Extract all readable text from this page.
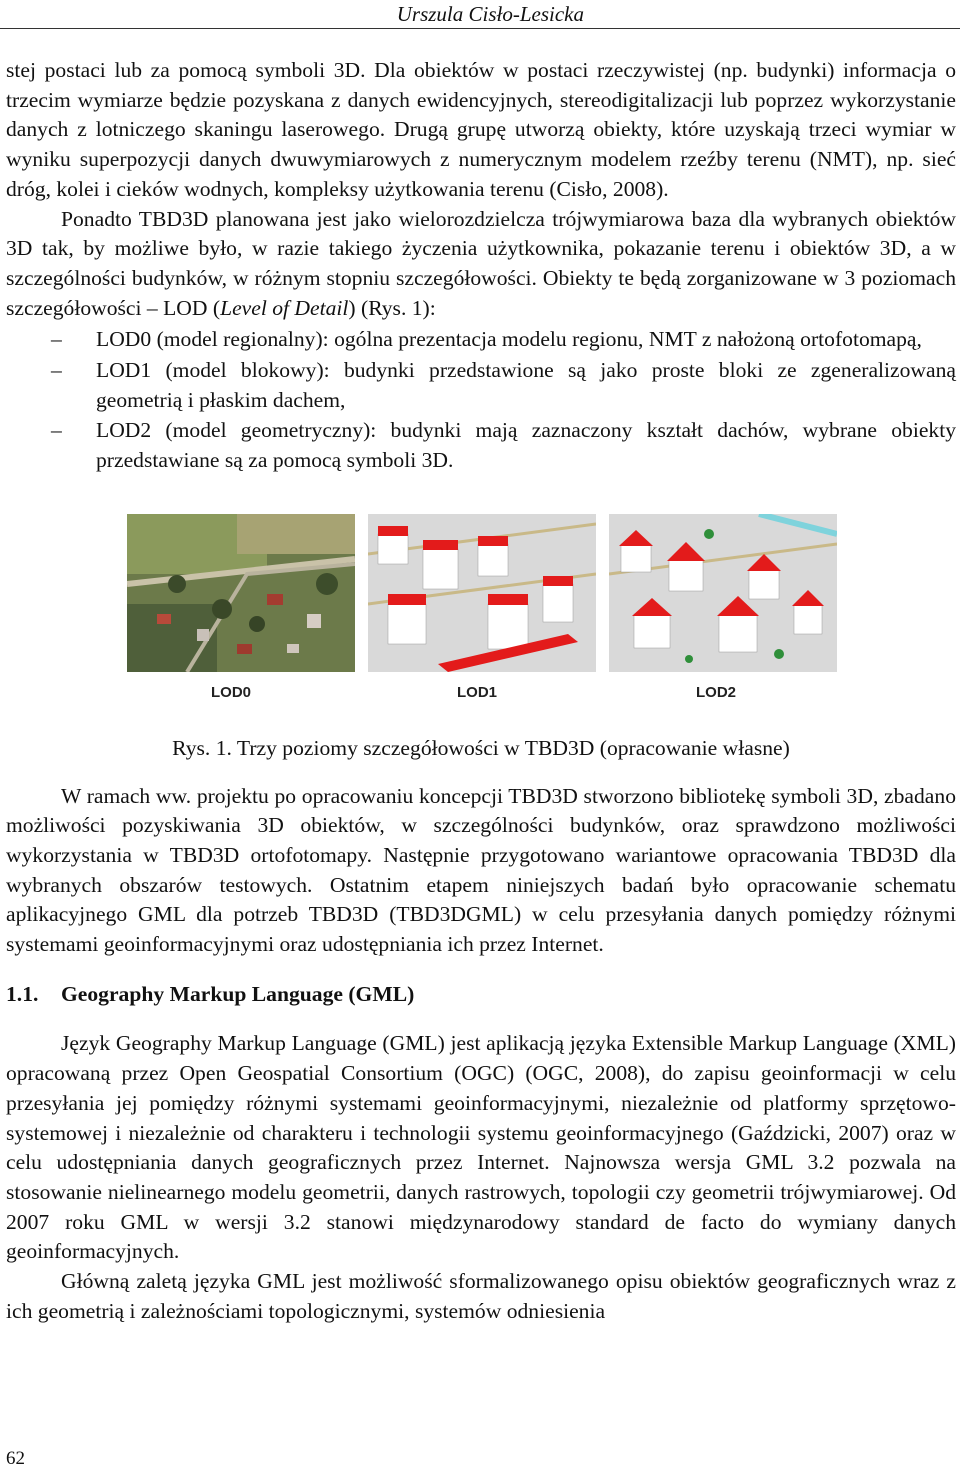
Urszula Cisło-Lesicka

stej postaci lub za pomocą symboli 3D. Dla obiektów w postaci rzeczywistej (np. budynki) informacja o trzecim wymiarze będzie pozyskana z danych ewidencyjnych, stereodigitalizacji lub poprzez wykorzystanie danych z lotniczego skaningu laserowego. Drugą grupę utworzą obiekty, które uzyskają trzeci wymiar w wyniku superpozycji danych dwuwymiarowych z numerycznym modelem rzeźby terenu (NMT), np. sieć dróg, kolei i cieków wodnych, kompleksy użytkowania terenu (Cisło, 2008).

Ponadto TBD3D planowana jest jako wielorozdzielcza trójwymiarowa baza dla wybranych obiektów 3D tak, by możliwe było, w razie takiego życzenia użytkownika, pokazanie terenu i obiektów 3D, a w szczególności budynków, w różnym stopniu szczegółowości. Obiekty te będą zorganizowane w 3 poziomach szczegółowości – LOD (Level of Detail) (Rys. 1):

– LOD0 (model regionalny): ogólna prezentacja modelu regionu, NMT z nałożoną ortofotomapą,
– LOD1 (model blokowy): budynki przedstawione są jako proste bloki ze zgeneralizowaną geometrią i płaskim dachem,
– LOD2 (model geometryczny): budynki mają zaznaczony kształt dachów, wybrane obiekty przedstawiane są za pomocą symboli 3D.
LOD0	LOD1	LOD2

Rys. 1. Trzy poziomy szczegółowości w TBD3D (opracowanie własne)

W ramach ww. projektu po opracowaniu koncepcji TBD3D stworzono bibliotekę symboli 3D, zbadano możliwości pozyskiwania 3D obiektów, w szczególności budynków, oraz sprawdzono możliwości wykorzystania w TBD3D ortofotomapy. Następnie przygotowano wariantowe opracowania TBD3D dla wybranych obszarów testowych. Ostatnim etapem niniejszych badań było opracowanie schematu aplikacyjnego GML dla potrzeb TBD3D (TBD3DGML) w celu przesyłania danych pomiędzy różnymi systemami geoinformacyjnymi oraz udostępniania ich przez Internet.

1.1. Geography Markup Language (GML)

Język Geography Markup Language (GML) jest aplikacją języka Extensible Markup Language (XML) opracowaną przez Open Geospatial Consortium (OGC) (OGC, 2008), do zapisu geoinformacji w celu przesyłania jej pomiędzy różnymi systemami geoinformacyjnymi, niezależnie od platformy sprzętowo-systemowej i niezależnie od charakteru i technologii systemu geoinformacyjnego (Gaździcki, 2007) oraz w celu udostępniania danych geograficznych przez Internet. Najnowsza wersja GML 3.2 pozwala na stosowanie nielinearnego modelu geometrii, danych rastrowych, topologii czy geometrii trójwymiarowej. Od 2007 roku GML w wersji 3.2 stanowi międzynarodowy standard de facto do wymiany danych geoinformacyjnych.

Główną zaletą języka GML jest możliwość sformalizowanego opisu obiektów geograficznych wraz z ich geometrią i zależnościami topologicznymi, systemów odniesienia

62
